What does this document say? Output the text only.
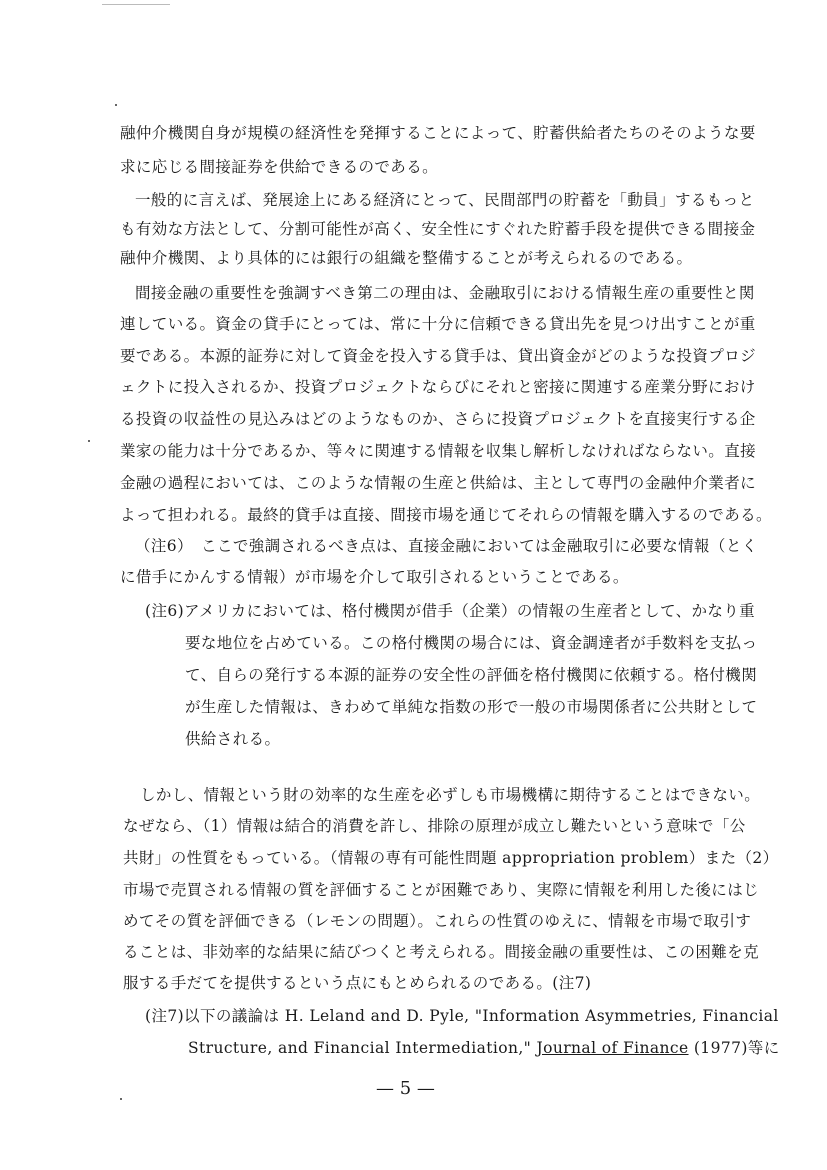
融仲介機関自身が規模の経済性を発揮することによって、貯蓄供給者たちのそのような要
求に応じる間接証券を供給できるのである。
一般的に言えば、発展途上にある経済にとって、民間部門の貯蓄を「動員」するもっと
も有効な方法として、分割可能性が高く、安全性にすぐれた貯蓄手段を提供できる間接金
融仲介機関、より具体的には銀行の組織を整備することが考えられるのである。
間接金融の重要性を強調すべき第二の理由は、金融取引における情報生産の重要性と関
連している。資金の貸手にとっては、常に十分に信頼できる貸出先を見つけ出すことが重
要である。本源的証券に対して資金を投入する貸手は、貸出資金がどのような投資プロジ
ェクトに投入されるか、投資プロジェクトならびにそれと密接に関連する産業分野におけ
る投資の収益性の見込みはどのようなものか、さらに投資プロジェクトを直接実行する企
業家の能力は十分であるか、等々に関連する情報を収集し解析しなければならない。直接
金融の過程においては、このような情報の生産と供給は、主として専門の金融仲介業者に
よって担われる。最終的貸手は直接、間接市場を通じてそれらの情報を購入するのである。
（注6）　ここで強調されるべき点は、直接金融においては金融取引に必要な情報（とく
に借手にかんする情報）が市場を介して取引されるということである。
(注6)アメリカにおいては、格付機関が借手（企業）の情報の生産者として、かなり重
要な地位を占めている。この格付機関の場合には、資金調達者が手数料を支払っ
て、自らの発行する本源的証券の安全性の評価を格付機関に依頼する。格付機関
が生産した情報は、きわめて単純な指数の形で一般の市場関係者に公共財として
供給される。
しかし、情報という財の効率的な生産を必ずしも市場機構に期待することはできない。
なぜなら、（1）情報は結合的消費を許し、排除の原理が成立し難たいという意味で「公
共財」の性質をもっている。（情報の専有可能性問題 appropriation problem）また（2）
市場で売買される情報の質を評価することが困難であり、実際に情報を利用した後にはじ
めてその質を評価できる（レモンの問題）。これらの性質のゆえに、情報を市場で取引す
ることは、非効率的な結果に結びつくと考えられる。間接金融の重要性は、この困難を克
服する手だてを提供するという点にもとめられるのである。(注7)
(注7)以下の議論は H. Leland and D. Pyle, "Information Asymmetries, Financial
Structure, and Financial Intermediation," Journal of Finance (1977)等に
— 5 —
